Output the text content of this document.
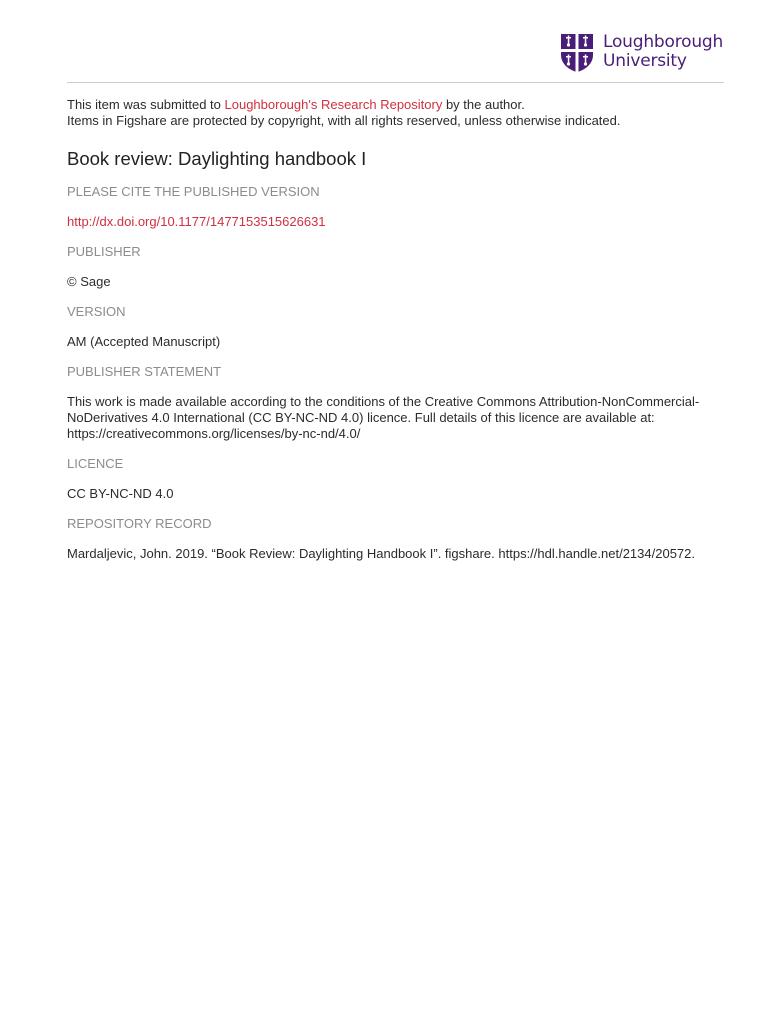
Loughborough
University

This item was submitted to Loughborough's Research Repository by the author.
Items in Figshare are protected by copyright, with all rights reserved, unless otherwise indicated.

Book review: Daylighting handbook I
PLEASE CITE THE PUBLISHED VERSION
http://dx.doi.org/10.1177/1477153515626631
PUBLISHER
© Sage
VERSION
AM (Accepted Manuscript)
PUBLISHER STATEMENT
This work is made available according to the conditions of the Creative Commons Attribution-NonCommercial-NoDerivatives 4.0 International (CC BY-NC-ND 4.0) licence. Full details of this licence are available at: https://creativecommons.org/licenses/by-nc-nd/4.0/
LICENCE
CC BY-NC-ND 4.0
REPOSITORY RECORD
Mardaljevic, John. 2019. “Book Review: Daylighting Handbook I”. figshare. https://hdl.handle.net/2134/20572.
